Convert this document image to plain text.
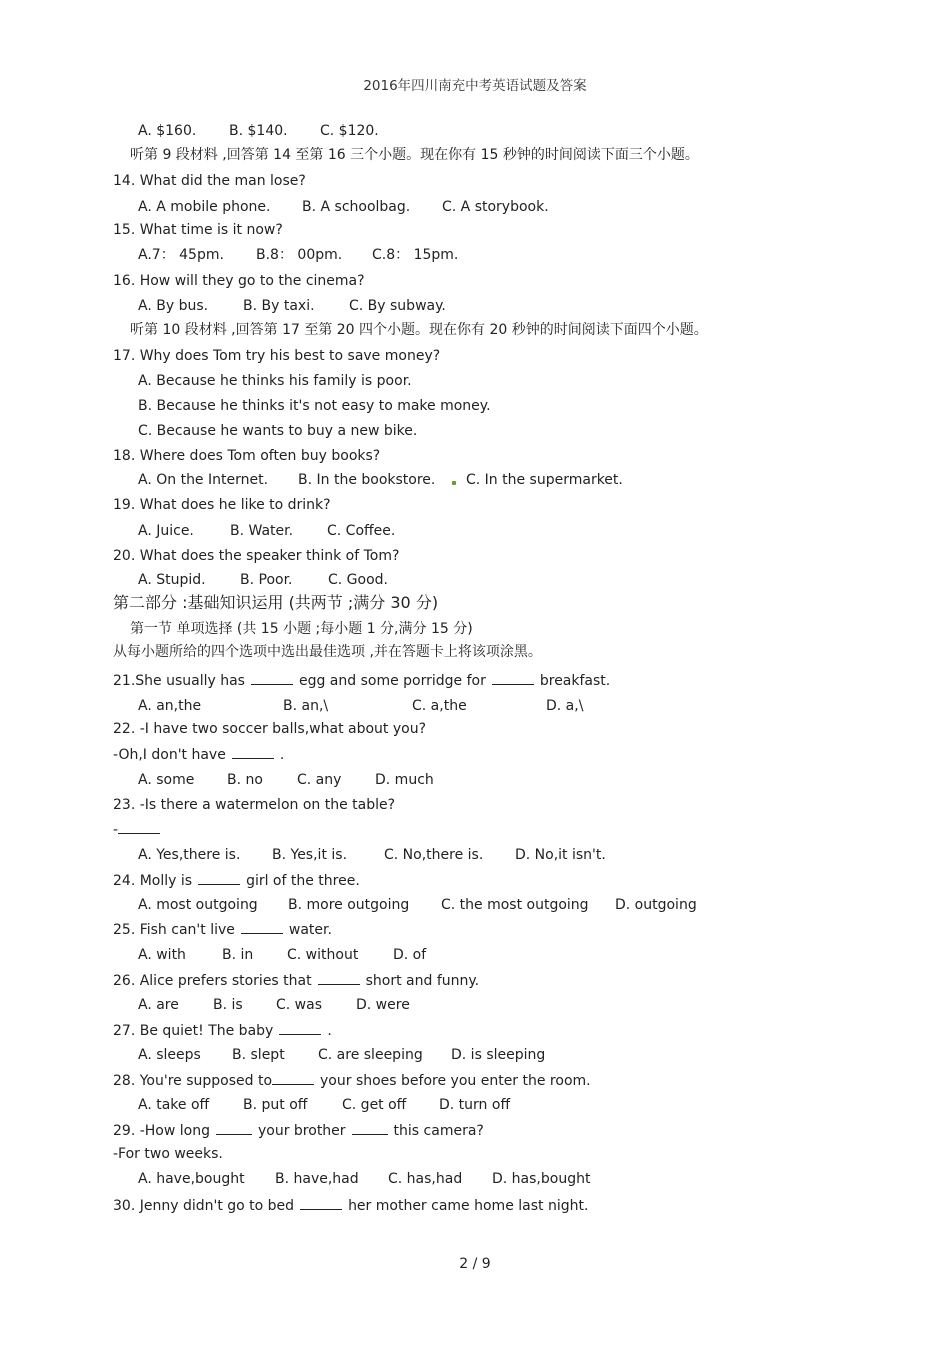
2016年四川南充中考英语试题及答案
A. $160. B. $140. C. $120.
听第 9 段材料 ,回答第 14 至第 16 三个小题。现在你有 15 秒钟的时间阅读下面三个小题。
14. What did the man lose?
A. A mobile phone. B. A schoolbag. C. A storybook.
15. What time is it now?
A.7： 45pm. B.8： 00pm. C.8： 15pm.
16. How will they go to the cinema?
A. By bus. B. By taxi. C. By subway.
听第 10 段材料 ,回答第 17 至第 20 四个小题。现在你有 20 秒钟的时间阅读下面四个小题。
17. Why does Tom try his best to save money?
A. Because he thinks his family is poor.
B. Because he thinks it's not easy to make money.
C. Because he wants to buy a new bike.
18. Where does Tom often buy books?
A. On the Internet. B. In the bookstore. C. In the supermarket.
19. What does he like to drink?
A. Juice.	B. Water. C. Coffee.
20. What does the speaker think of Tom?
A. Stupid. B. Poor.	C. Good.
第二部分 :基础知识运用 (共两节 ;满分 30 分)
第一节 单项选择 (共 15 小题 ;每小题 1 分,满分 15 分)
从每小题所给的四个选项中选出最佳选项 ,并在答题卡上将该项涂黑。
21.She usually has	egg and some porridge for	breakfast.
A. an,the	B. an,\	C. a,the	D. a,\
22. -I have two soccer balls,what about you?
-Oh,I don't have	.
A. some B. no C. any D. much
23. -Is there a watermelon on the table?
-
A. Yes,there is. B. Yes,it is.	C. No,there is. D. No,it isn't.
24. Molly is	girl of the three.
A. most outgoing B. more outgoing C. the most outgoing D. outgoing
25. Fish can't live	water.
A. with	B. in C. without D. of
26. Alice prefers stories that	short and funny.
A. are B. is C. was D. were
27. Be quiet! The baby	.
A. sleeps B. slept C. are sleeping D. is sleeping
28. You're supposed to	your shoes before you enter the room.
A. take off B. put off C. get off D. turn off
29. -How long	your brother	this camera?
-For two weeks.
A. have,bought B. have,had C. has,had D. has,bought
30. Jenny didn't go to bed	her mother came home last night.
2 / 9
